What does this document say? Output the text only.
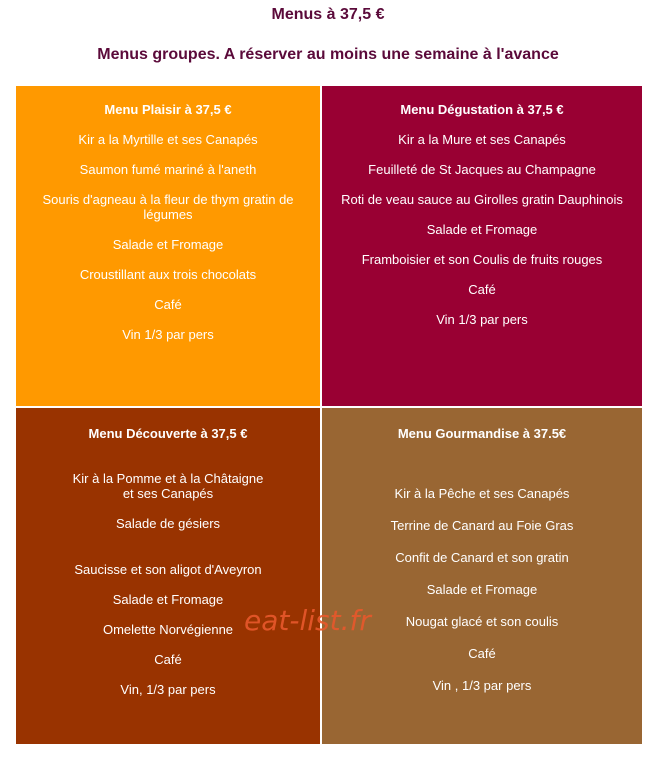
Menus à 37,5 €
Menus groupes. A réserver au moins une semaine à l'avance

Menu Plaisir à 37,5 €

Kir a la Myrtille et ses Canapés

Saumon fumé mariné à l'aneth

Souris d'agneau à la fleur de thym gratin de légumes

Salade et Fromage

Croustillant aux trois chocolats

Café

Vin 1/3 par pers

Menu Dégustation à 37,5 €

Kir a la Mure et ses Canapés

Feuilleté de St Jacques au Champagne

Roti de veau sauce au Girolles gratin Dauphinois

Salade et Fromage

Framboisier et son Coulis de fruits rouges

Café

Vin 1/3 par pers

Menu Découverte à 37,5 €

Kir à la Pomme et à la Châtaigne

et ses Canapés

Salade de gésiers

Saucisse et son aligot d'Aveyron

Salade et Fromage

Omelette Norvégienne

Café

Vin, 1/3 par pers

Menu Gourmandise à 37.5€

Kir à la Pêche et ses Canapés

Terrine de Canard au Foie Gras

Confit de Canard et son gratin

Salade et Fromage

Nougat glacé et son coulis

Café

Vin , 1/3 par pers

eat-list.fr
